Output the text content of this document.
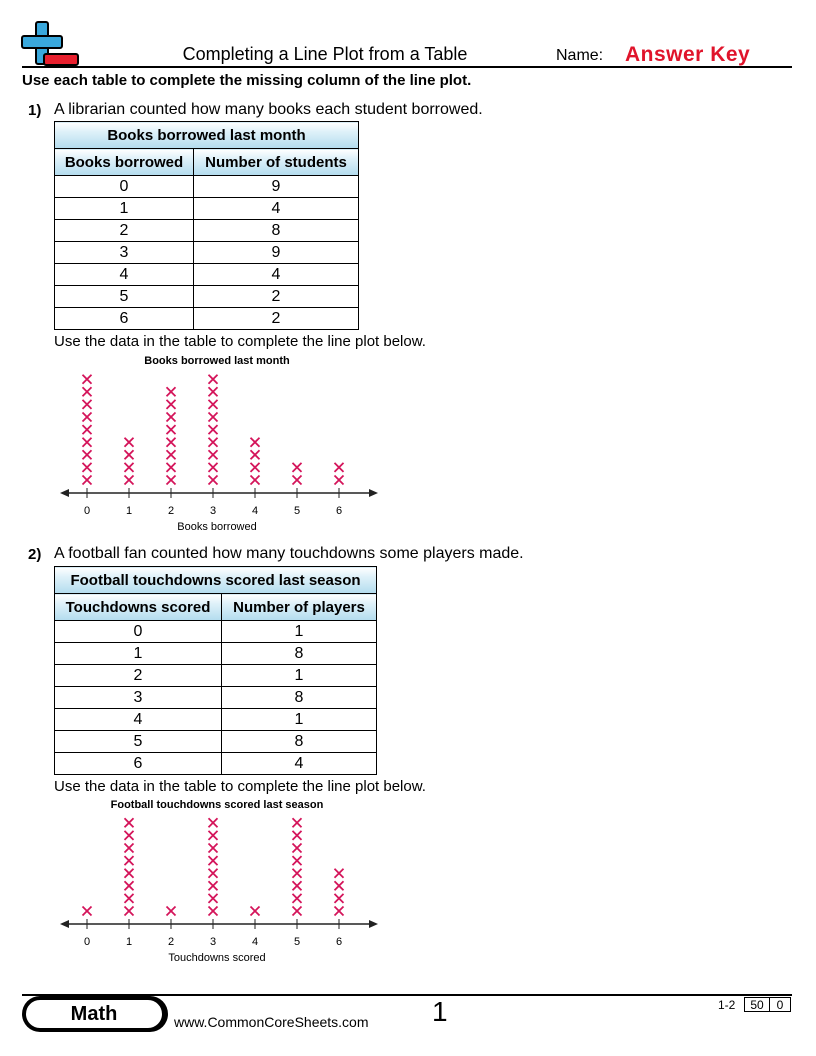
Completing a Line Plot from a Table	Name: Answer Key
Use each table to complete the missing column of the line plot.
1) A librarian counted how many books each student borrowed.
Books borrowed last month	
Books borrowed	Number of students
0	9
1	4
2	8
3	9
4	4
5	2
6	2
Use the data in the table to complete the line plot below.
Books borrowed last month
0	1	2	3	4	5	6
Books borrowed
2) A football fan counted how many touchdowns some players made.
Football touchdowns scored last season	
Touchdowns scored	Number of players
0	1
1	8
2	1
3	8
4	1
5	8
6	4
Use the data in the table to complete the line plot below.
Football touchdowns scored last season
0	1	2	3	4	5	6
Touchdowns scored
Math	www.CommonCoreSheets.com 1	1-2	50	0
